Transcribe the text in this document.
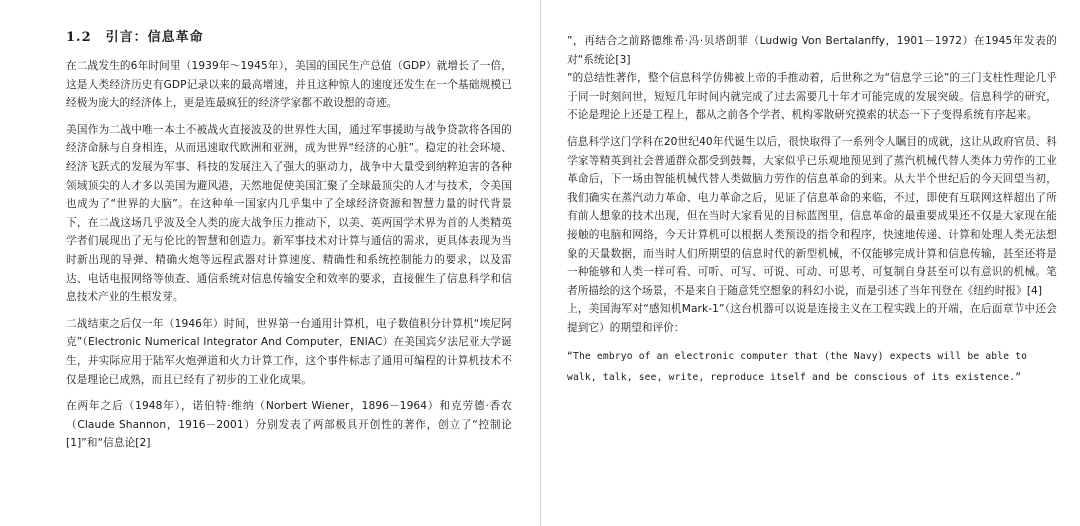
1.2 引言：信息革命

在二战发生的6年时间里（1939年～1945年），美国的国民生产总值（GDP）就增长了一倍，这是人类经济历史有GDP记录以来的最高增速，并且这种惊人的速度还发生在一个基础规模已经极为庞大的经济体上，更是连最疯狂的经济学家都不敢设想的奇迹。

美国作为二战中唯一本土不被战火直接波及的世界性大国，通过军事援助与战争贷款将各国的经济命脉与自身相连，从而迅速取代欧洲和亚洲，成为世界“经济的心脏”。稳定的社会环境、经济飞跃式的发展为军事、科技的发展注入了强大的驱动力，战争中大量受到纳粹迫害的各种领域顶尖的人才多以美国为避风港，天然地促使美国汇聚了全球最顶尖的人才与技术，令美国也成为了“世界的大脑”。在这种单一国家内几乎集中了全球经济资源和智慧力量的时代背景下，在二战这场几乎波及全人类的庞大战争压力推动下，以美、英两国学术界为首的人类精英学者们展现出了无与伦比的智慧和创造力。新军事技术对计算与通信的需求，更具体表现为当时新出现的导弹、精确火炮等远程武器对计算速度、精确性和系统控制能力的要求，以及雷达、电话电报网络等侦查、通信系统对信息传输安全和效率的要求，直接催生了信息科学和信息技术产业的生根发芽。

二战结束之后仅一年（1946年）时间，世界第一台通用计算机，电子数值积分计算机“埃尼阿克”（Electronic Numerical Integrator And Computer，ENIAC）在美国宾夕法尼亚大学诞生，并实际应用于陆军火炮弹道和火力计算工作，这个事件标志了通用可编程的计算机技术不仅是理论已成熟，而且已经有了初步的工业化成果。

在两年之后（1948年），诺伯特·维纳（Norbert Wiener，1896－1964）和克劳德·香农（Claude Shannon，1916－2001）分别发表了两部极具开创性的著作，创立了“控制论[1]”和“信息论[2]

”，再结合之前路德维希·冯·贝塔朗菲（Ludwig Von Bertalanffy，1901－1972）在1945年发表的对“系统论[3]

”的总结性著作，整个信息科学仿佛被上帝的手推动着，后世称之为“信息学三论”的三门支柱性理论几乎于同一时刻问世，短短几年时间内就完成了过去需要几十年才可能完成的发展突破。信息科学的研究，不论是理论上还是工程上，都从之前各个学者、机构零散研究摸索的状态一下子变得系统有序起来。

信息科学这门学科在20世纪40年代诞生以后，很快取得了一系列令人瞩目的成就，这让从政府官员、科学家等精英到社会普通群众都受到鼓舞，大家似乎已乐观地预见到了蒸汽机械代替人类体力劳作的工业革命后，下一场由智能机械代替人类做脑力劳作的信息革命的到来。从大半个世纪后的今天回望当初，我们确实在蒸汽动力革命、电力革命之后，见证了信息革命的来临，不过，即使有互联网这样超出了所有前人想象的技术出现，但在当时大家看见的目标蓝图里，信息革命的最重要成果还不仅是大家现在能接触的电脑和网络，今天计算机可以根据人类预设的指令和程序，快速地传递、计算和处理人类无法想象的天量数据，而当时人们所期望的信息时代的新型机械，不仅能够完成计算和信息传输，甚至还将是一种能够和人类一样可看、可听、可写、可说、可动、可思考、可复制自身甚至可以有意识的机械。笔者所描绘的这个场景，不是来自于随意凭空想象的科幻小说，而是引述了当年刊登在《纽约时报》[4]

上，美国海军对“感知机Mark-1”（这台机器可以说是连接主义在工程实践上的开端，在后面章节中还会提到它）的期望和评价：

“The embryo of an electronic computer that (the Navy) expects will be able to walk, talk, see, write, reproduce itself and be conscious of its existence.”
